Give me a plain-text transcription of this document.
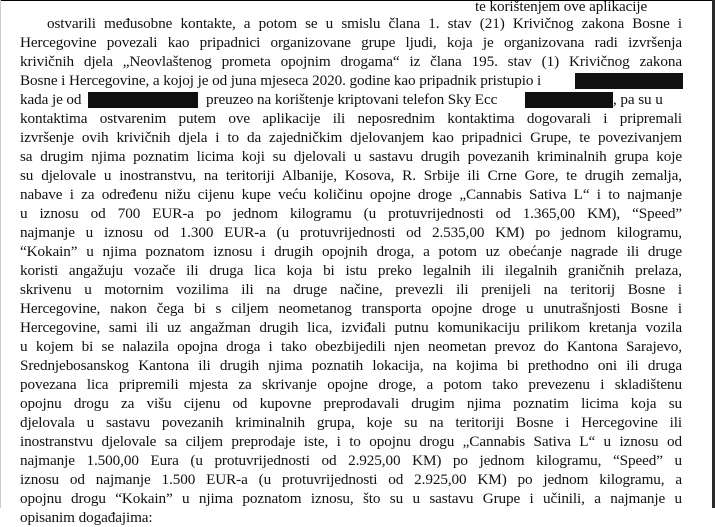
te korištenjem ove aplikacije
ostvarili međusobne kontakte, a potom se u smislu člana 1. stav (21) Krivičnog zakona Bosne i
Hercegovine povezali kao pripadnici organizovane grupe ljudi, koja je organizovana radi izvršenja
krivičnih djela „Neovlaštenog prometa opojnim drogama“ iz člana 195. stav (1) Krivičnog zakona
Bosne i Hercegovine, a kojoj je od juna mjeseca 2020. godine kao pripadnik pristupio i
kada je od	preuzeo na korištenje kriptovani telefon Sky Ecc	, pa su u
kontaktima ostvarenim putem ove aplikacije ili neposrednim kontaktima dogovarali i pripremali
izvršenje ovih krivičnih djela i to da zajedničkim djelovanjem kao pripadnici Grupe, te povezivanjem
sa drugim njima poznatim licima koji su djelovali u sastavu drugih povezanih kriminalnih grupa koje
su djelovale u inostranstvu, na teritoriji Albanije, Kosova, R. Srbije ili Crne Gore, te drugih zemalja,
nabave i za određenu nižu cijenu kupe veću količinu opojne droge „Cannabis Sativa L“ i to najmanje
u iznosu od 700 EUR-a po jednom kilogramu (u protuvrijednosti od 1.365,00 KM), “Speed”
najmanje u iznosu od 1.300 EUR-a (u protuvrijednosti od 2.535,00 KM) po jednom kilogramu,
“Kokain” u njima poznatom iznosu i drugih opojnih droga, a potom uz obećanje nagrade ili druge
koristi angažuju vozače ili druga lica koja bi istu preko legalnih ili ilegalnih graničnih prelaza,
skrivenu u motornim vozilima ili na druge načine, prevezli ili prenijeli na teritorij Bosne i
Hercegovine, nakon čega bi s ciljem neometanog transporta opojne droge u unutrašnjosti Bosne i
Hercegovine, sami ili uz angažman drugih lica, izviđali putnu komunikaciju prilikom kretanja vozila
u kojem bi se nalazila opojna droga i tako obezbijedili njen neometan prevoz do Kantona Sarajevo,
Srednjebosanskog Kantona ili drugih njima poznatih lokacija, na kojima bi prethodno oni ili druga
povezana lica pripremili mjesta za skrivanje opojne droge, a potom tako prevezenu i skladištenu
opojnu drogu za višu cijenu od kupovne preprodavali drugim njima poznatim licima koja su
djelovala u sastavu povezanih kriminalnih grupa, koje su na teritoriji Bosne i Hercegovine ili
inostranstvu djelovale sa ciljem preprodaje iste, i to opojnu drogu „Cannabis Sativa L“ u iznosu od
najmanje 1.500,00 Eura (u protuvrijednosti od 2.925,00 KM) po jednom kilogramu, “Speed” u
iznosu od najmanje 1.500 EUR-a (u protuvrijednosti od 2.925,00 KM) po jednom kilogramu, a
opojnu drogu “Kokain” u njima poznatom iznosu, što su u sastavu Grupe i učinili, a najmanje u
opisanim događajima:
